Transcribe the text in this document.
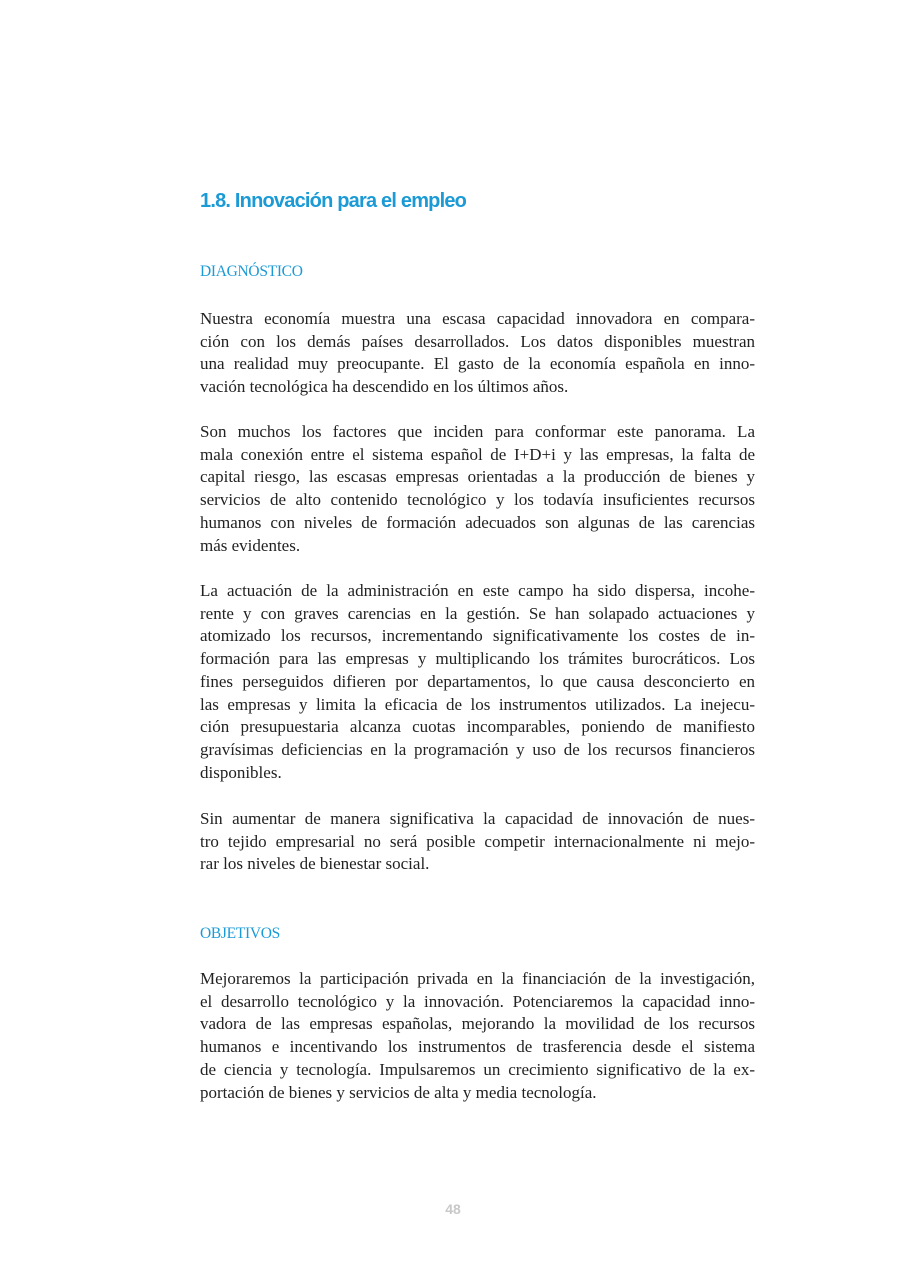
1.8. Innovación para el empleo
DIAGNÓSTICO
Nuestra economía muestra una escasa capacidad innovadora en compara-
ción con los demás países desarrollados. Los datos disponibles muestran
una realidad muy preocupante. El gasto de la economía española en inno-
vación tecnológica ha descendido en los últimos años.
Son muchos los factores que inciden para conformar este panorama. La
mala conexión entre el sistema español de I+D+i y las empresas, la falta de
capital riesgo, las escasas empresas orientadas a la producción de bienes y
servicios de alto contenido tecnológico y los todavía insuficientes recursos
humanos con niveles de formación adecuados son algunas de las carencias
más evidentes.
La actuación de la administración en este campo ha sido dispersa, incohe-
rente y con graves carencias en la gestión. Se han solapado actuaciones y
atomizado los recursos, incrementando significativamente los costes de in-
formación para las empresas y multiplicando los trámites burocráticos. Los
fines perseguidos difieren por departamentos, lo que causa desconcierto en
las empresas y limita la eficacia de los instrumentos utilizados. La inejecu-
ción presupuestaria alcanza cuotas incomparables, poniendo de manifiesto
gravísimas deficiencias en la programación y uso de los recursos financieros
disponibles.
Sin aumentar de manera significativa la capacidad de innovación de nues-
tro tejido empresarial no será posible competir internacionalmente ni mejo-
rar los niveles de bienestar social.
OBJETIVOS
Mejoraremos la participación privada en la financiación de la investigación,
el desarrollo tecnológico y la innovación. Potenciaremos la capacidad inno-
vadora de las empresas españolas, mejorando la movilidad de los recursos
humanos e incentivando los instrumentos de trasferencia desde el sistema
de ciencia y tecnología. Impulsaremos un crecimiento significativo de la ex-
portación de bienes y servicios de alta y media tecnología.
48
